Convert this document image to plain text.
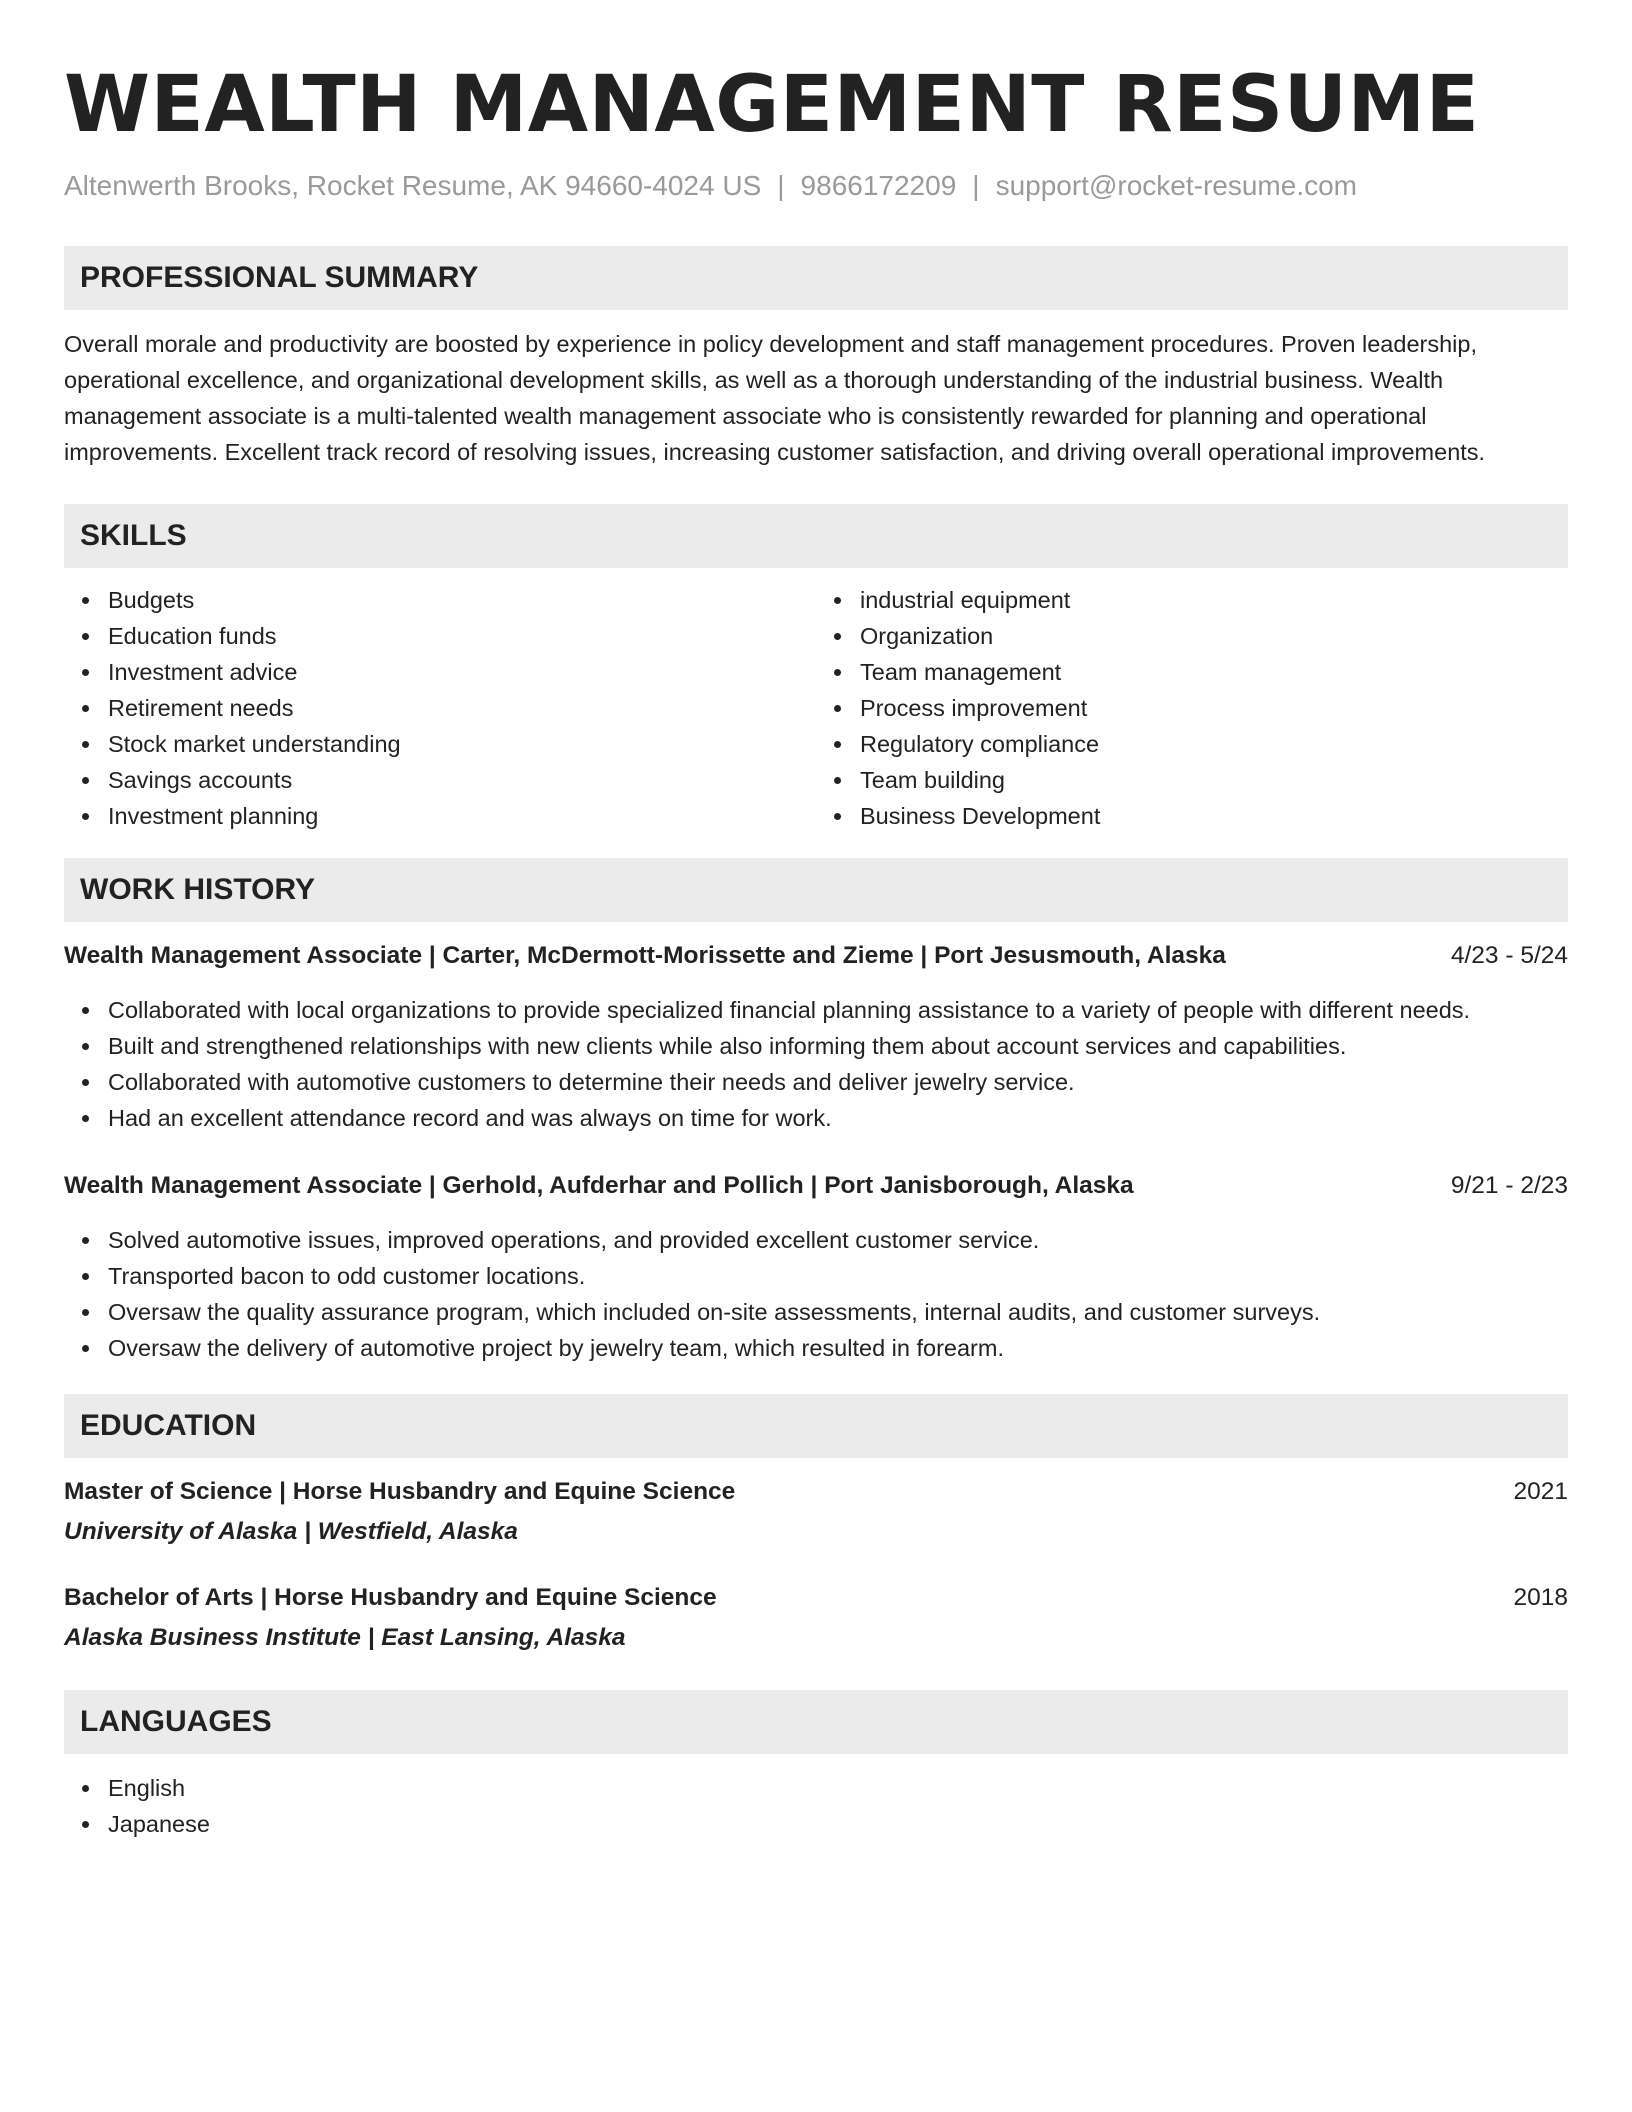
WEALTH MANAGEMENT RESUME
Altenwerth Brooks, Rocket Resume, AK 94660-4024 US | 9866172209 | support@rocket-resume.com
PROFESSIONAL SUMMARY

Overall morale and productivity are boosted by experience in policy development and staff management procedures. Proven leadership, operational excellence, and organizational development skills, as well as a thorough understanding of the industrial business. Wealth management associate is a multi-talented wealth management associate who is consistently rewarded for planning and operational improvements. Excellent track record of resolving issues, increasing customer satisfaction, and driving overall operational improvements.

SKILLS
Budgets
Education funds
Investment advice
Retirement needs
Stock market understanding
Savings accounts
Investment planning
industrial equipment
Organization
Team management
Process improvement
Regulatory compliance
Team building
Business Development
WORK HISTORY
Wealth Management Associate | Carter, McDermott-Morissette and Zieme | Port Jesusmouth, Alaska	4/23 - 5/24
Collaborated with local organizations to provide specialized financial planning assistance to a variety of people with different needs.
Built and strengthened relationships with new clients while also informing them about account services and capabilities.
Collaborated with automotive customers to determine their needs and deliver jewelry service.
Had an excellent attendance record and was always on time for work.
Wealth Management Associate | Gerhold, Aufderhar and Pollich | Port Janisborough, Alaska	9/21 - 2/23
Solved automotive issues, improved operations, and provided excellent customer service.
Transported bacon to odd customer locations.
Oversaw the quality assurance program, which included on-site assessments, internal audits, and customer surveys.
Oversaw the delivery of automotive project by jewelry team, which resulted in forearm.
EDUCATION
Master of Science | Horse Husbandry and Equine Science	2021
University of Alaska | Westfield, Alaska
Bachelor of Arts | Horse Husbandry and Equine Science	2018
Alaska Business Institute | East Lansing, Alaska
LANGUAGES
English
Japanese
